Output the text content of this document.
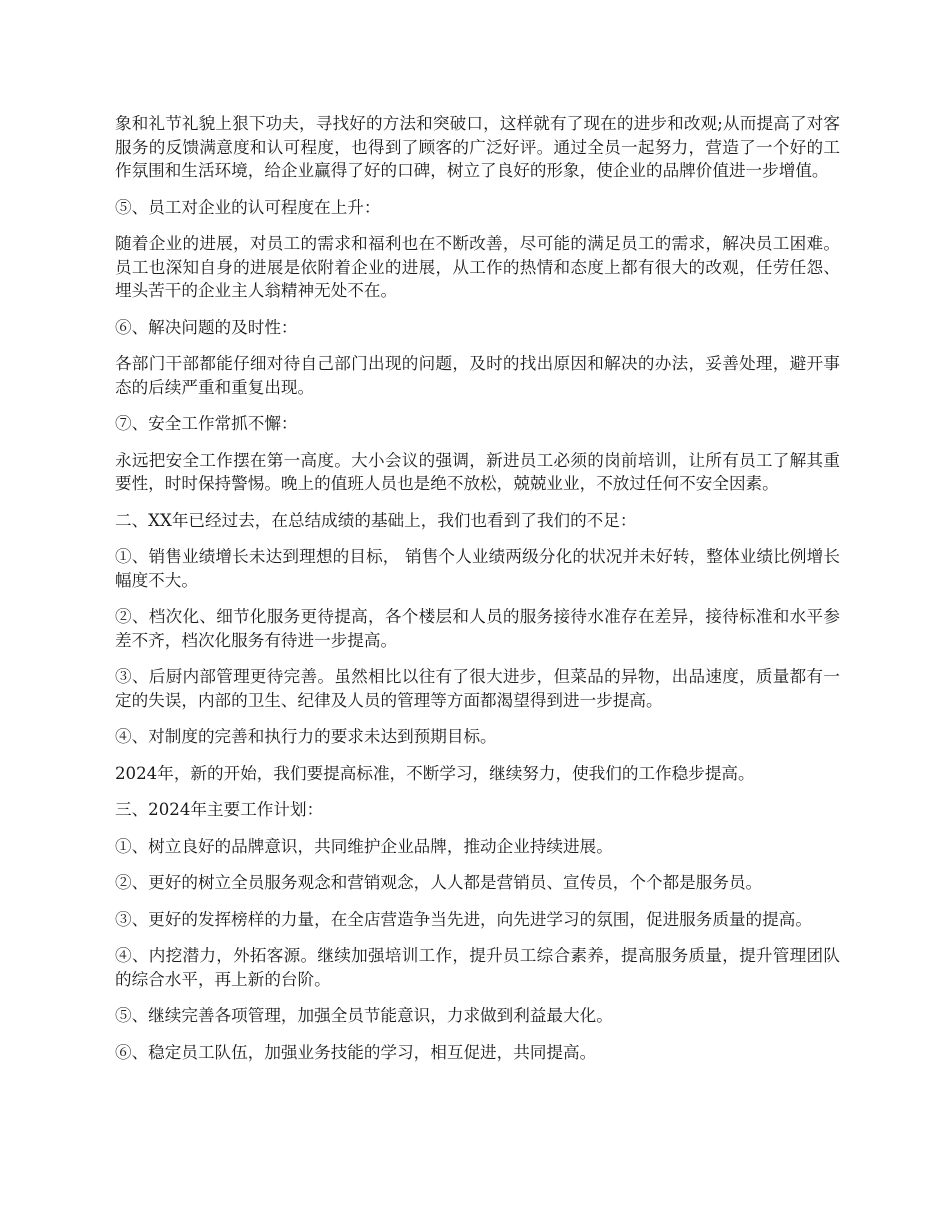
象和礼节礼貌上狠下功夫，寻找好的方法和突破口，这样就有了现在的进步和改观;从而提高了对客服务的反馈满意度和认可程度，也得到了顾客的广泛好评。通过全员一起努力，营造了一个好的工作氛围和生活环境，给企业赢得了好的口碑，树立了良好的形象，使企业的品牌价值进一步增值。

⑤、员工对企业的认可程度在上升：

随着企业的进展，对员工的需求和福利也在不断改善，尽可能的满足员工的需求，解决员工困难。员工也深知自身的进展是依附着企业的进展，从工作的热情和态度上都有很大的改观，任劳任怨、埋头苦干的企业主人翁精神无处不在。

⑥、解决问题的及时性：

各部门干部都能仔细对待自己部门出现的问题，及时的找出原因和解决的办法，妥善处理，避开事态的后续严重和重复出现。

⑦、安全工作常抓不懈：

永远把安全工作摆在第一高度。大小会议的强调，新进员工必须的岗前培训，让所有员工了解其重要性，时时保持警惕。晚上的值班人员也是绝不放松，兢兢业业，不放过任何不安全因素。

二、XX年已经过去，在总结成绩的基础上，我们也看到了我们的不足：

①、销售业绩增长未达到理想的目标， 销售个人业绩两级分化的状况并未好转，整体业绩比例增长幅度不大。

②、档次化、细节化服务更待提高，各个楼层和人员的服务接待水准存在差异，接待标准和水平参差不齐，档次化服务有待进一步提高。

③、后厨内部管理更待完善。虽然相比以往有了很大进步，但菜品的异物，出品速度，质量都有一定的失误，内部的卫生、纪律及人员的管理等方面都渴望得到进一步提高。

④、对制度的完善和执行力的要求未达到预期目标。

2024年，新的开始，我们要提高标准，不断学习，继续努力，使我们的工作稳步提高。

三、2024年主要工作计划：

①、树立良好的品牌意识，共同维护企业品牌，推动企业持续进展。

②、更好的树立全员服务观念和营销观念，人人都是营销员、宣传员，个个都是服务员。

③、更好的发挥榜样的力量，在全店营造争当先进，向先进学习的氛围，促进服务质量的提高。

④、内挖潜力，外拓客源。继续加强培训工作，提升员工综合素养，提高服务质量，提升管理团队的综合水平，再上新的台阶。

⑤、继续完善各项管理，加强全员节能意识，力求做到利益最大化。

⑥、稳定员工队伍，加强业务技能的学习，相互促进，共同提高。
